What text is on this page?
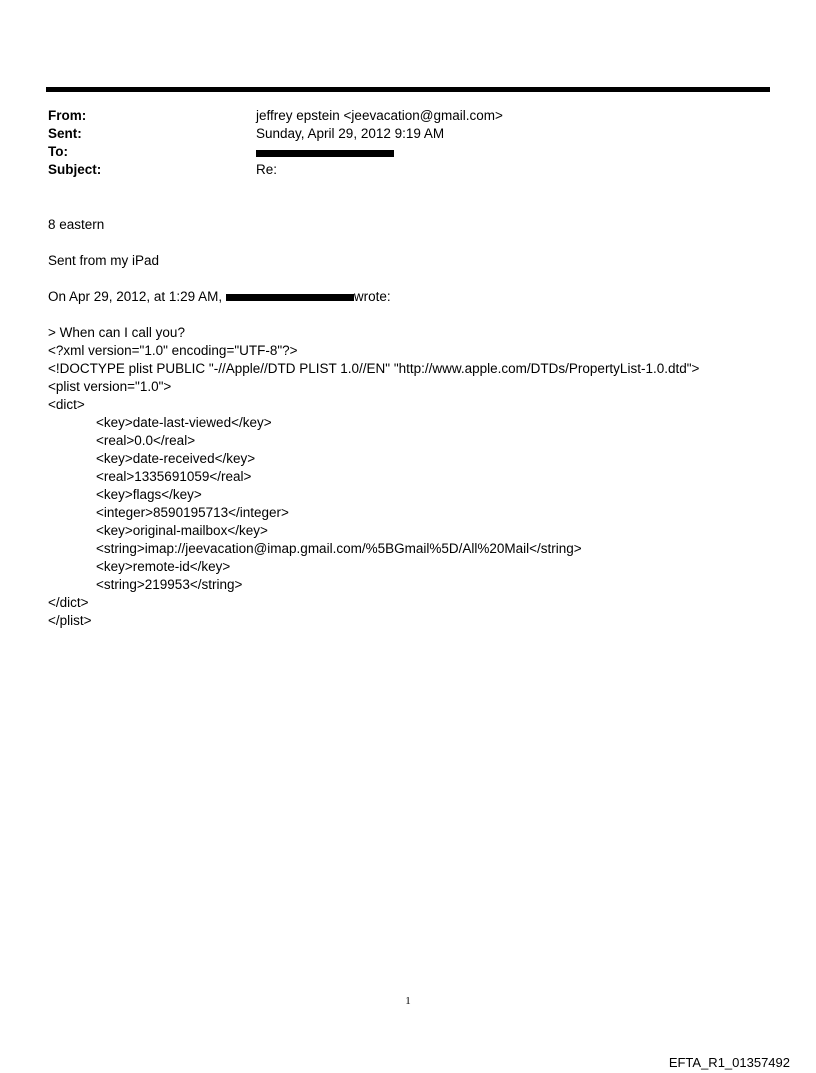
From:	jeffrey epstein <jeevacation@gmail.com>
Sent:	Sunday, April 29, 2012 9:19 AM
To:
Subject:	Re:
8 eastern
Sent from my iPad
On Apr 29, 2012, at 1:29 AM,	wrote:
> When can I call you?
<?xml version="1.0" encoding="UTF-8"?>
<!DOCTYPE plist PUBLIC "-//Apple//DTD PLIST 1.0//EN" "http://www.apple.com/DTDs/PropertyList-1.0.dtd">
<plist version="1.0">
<dict>
<key>date-last-viewed</key>
<real>0.0</real>
<key>date-received</key>
<real>1335691059</real>
<key>flags</key>
<integer>8590195713</integer>
<key>original-mailbox</key>
<string>imap://jeevacation@imap.gmail.com/%5BGmail%5D/All%20Mail</string>
<key>remote-id</key>
<string>219953</string>
</dict>
</plist>
1
EFTA_R1_01357492
